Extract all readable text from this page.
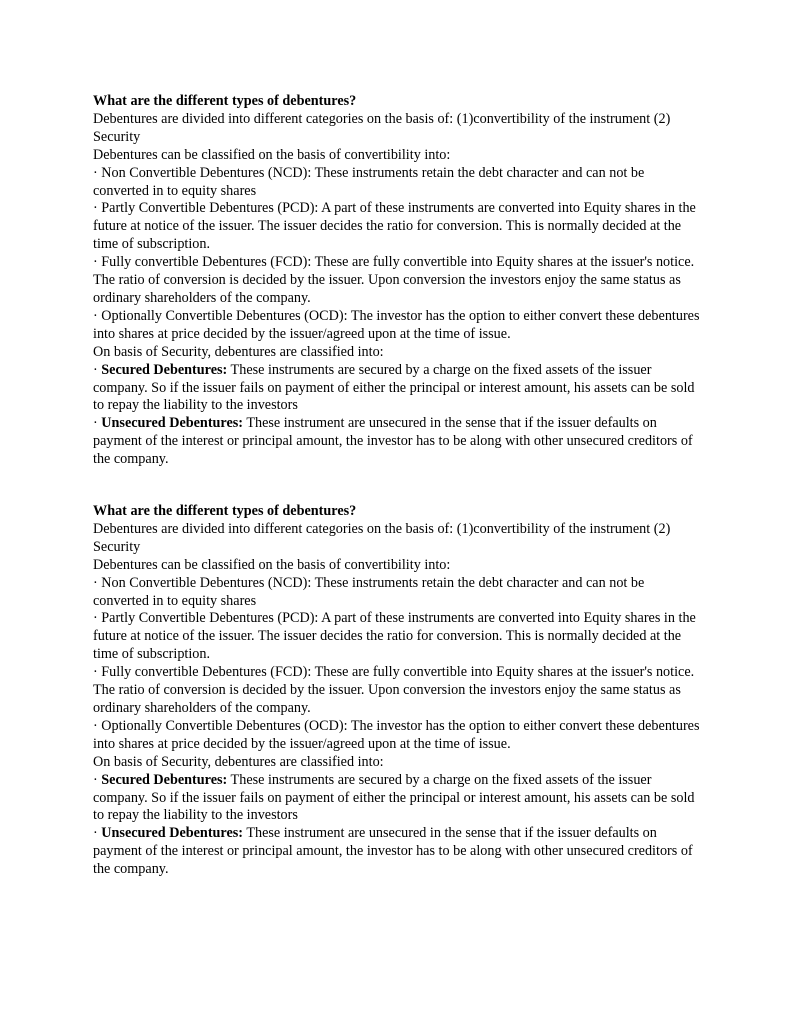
What are the different types of debentures?
Debentures are divided into different categories on the basis of: (1)convertibility of the instrument (2) Security
Debentures can be classified on the basis of convertibility into:
· Non Convertible Debentures (NCD): These instruments retain the debt character and can not be converted in to equity shares
· Partly Convertible Debentures (PCD): A part of these instruments are converted into Equity shares in the future at notice of the issuer. The issuer decides the ratio for conversion. This is normally decided at the time of subscription.
· Fully convertible Debentures (FCD): These are fully convertible into Equity shares at the issuer's notice. The ratio of conversion is decided by the issuer. Upon conversion the investors enjoy the same status as ordinary shareholders of the company.
· Optionally Convertible Debentures (OCD): The investor has the option to either convert these debentures into shares at price decided by the issuer/agreed upon at the time of issue.
On basis of Security, debentures are classified into:
· Secured Debentures: These instruments are secured by a charge on the fixed assets of the issuer company. So if the issuer fails on payment of either the principal or interest amount, his assets can be sold to repay the liability to the investors
· Unsecured Debentures: These instrument are unsecured in the sense that if the issuer defaults on payment of the interest or principal amount, the investor has to be along with other unsecured creditors of the company.
What are the different types of debentures?
Debentures are divided into different categories on the basis of: (1)convertibility of the instrument (2) Security
Debentures can be classified on the basis of convertibility into:
· Non Convertible Debentures (NCD): These instruments retain the debt character and can not be converted in to equity shares
· Partly Convertible Debentures (PCD): A part of these instruments are converted into Equity shares in the future at notice of the issuer. The issuer decides the ratio for conversion. This is normally decided at the time of subscription.
· Fully convertible Debentures (FCD): These are fully convertible into Equity shares at the issuer's notice. The ratio of conversion is decided by the issuer. Upon conversion the investors enjoy the same status as ordinary shareholders of the company.
· Optionally Convertible Debentures (OCD): The investor has the option to either convert these debentures into shares at price decided by the issuer/agreed upon at the time of issue.
On basis of Security, debentures are classified into:
· Secured Debentures: These instruments are secured by a charge on the fixed assets of the issuer company. So if the issuer fails on payment of either the principal or interest amount, his assets can be sold to repay the liability to the investors
· Unsecured Debentures: These instrument are unsecured in the sense that if the issuer defaults on payment of the interest or principal amount, the investor has to be along with other unsecured creditors of the company.
